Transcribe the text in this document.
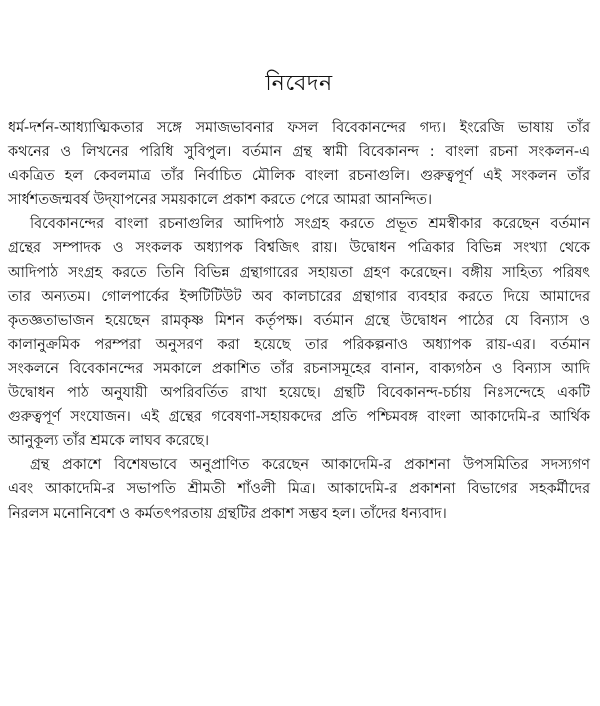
নিবেদন

ধর্ম-দর্শন-আধ্যাত্মিকতার সঙ্গে সমাজভাবনার ফসল বিবেকানন্দের গদ্য। ইংরেজি ভাষায় তাঁর
কথনের ও লিখনের পরিধি সুবিপুল। বর্তমান গ্রন্থ স্বামী বিবেকানন্দ : বাংলা রচনা সংকলন-এ
একত্রিত হল কেবলমাত্র তাঁর নির্বাচিত মৌলিক বাংলা রচনাগুলি। গুরুত্বপূর্ণ এই সংকলন তাঁর
সার্ধশতজন্মবর্ষ উদ্‌যাপনের সময়কালে প্রকাশ করতে পেরে আমরা আনন্দিত।

বিবেকানন্দের বাংলা রচনাগুলির আদিপাঠ সংগ্রহ করতে প্রভূত শ্রমস্বীকার করেছেন বর্তমান
গ্রন্থের সম্পাদক ও সংকলক অধ্যাপক বিশ্বজিৎ রায়। উদ্বোধন পত্রিকার বিভিন্ন সংখ্যা থেকে
আদিপাঠ সংগ্রহ করতে তিনি বিভিন্ন গ্রন্থাগারের সহায়তা গ্রহণ করেছেন। বঙ্গীয় সাহিত্য পরিষৎ
তার অন্যতম। গোলপার্কের ইন্সটিটিউট অব কালচারের গ্রন্থাগার ব্যবহার করতে দিয়ে আমাদের
কৃতজ্ঞতাভাজন হয়েছেন রামকৃষ্ণ মিশন কর্তৃপক্ষ। বর্তমান গ্রন্থে উদ্বোধন পাঠের যে বিন্যাস ও
কালানুক্রমিক পরম্পরা অনুসরণ করা হয়েছে তার পরিকল্পনাও অধ্যাপক রায়-এর। বর্তমান
সংকলনে বিবেকানন্দের সমকালে প্রকাশিত তাঁর রচনাসমূহের বানান, বাক্যগঠন ও বিন্যাস আদি
উদ্বোধন পাঠ অনুযায়ী অপরিবর্তিত রাখা হয়েছে। গ্রন্থটি বিবেকানন্দ-চর্চায় নিঃসন্দেহে একটি
গুরুত্বপূর্ণ সংযোজন। এই গ্রন্থের গবেষণা-সহায়কদের প্রতি পশ্চিমবঙ্গ বাংলা আকাদেমি-র আর্থিক
আনুকূল্য তাঁর শ্রমকে লাঘব করেছে।

গ্রন্থ প্রকাশে বিশেষভাবে অনুপ্রাণিত করেছেন আকাদেমি-র প্রকাশনা উপসমিতির সদস্যগণ
এবং আকাদেমি-র সভাপতি শ্রীমতী শাঁওলী মিত্র। আকাদেমি-র প্রকাশনা বিভাগের সহকর্মীদের
নিরলস মনোনিবেশ ও কর্মতৎপরতায় গ্রন্থটির প্রকাশ সম্ভব হল। তাঁদের ধন্যবাদ।
